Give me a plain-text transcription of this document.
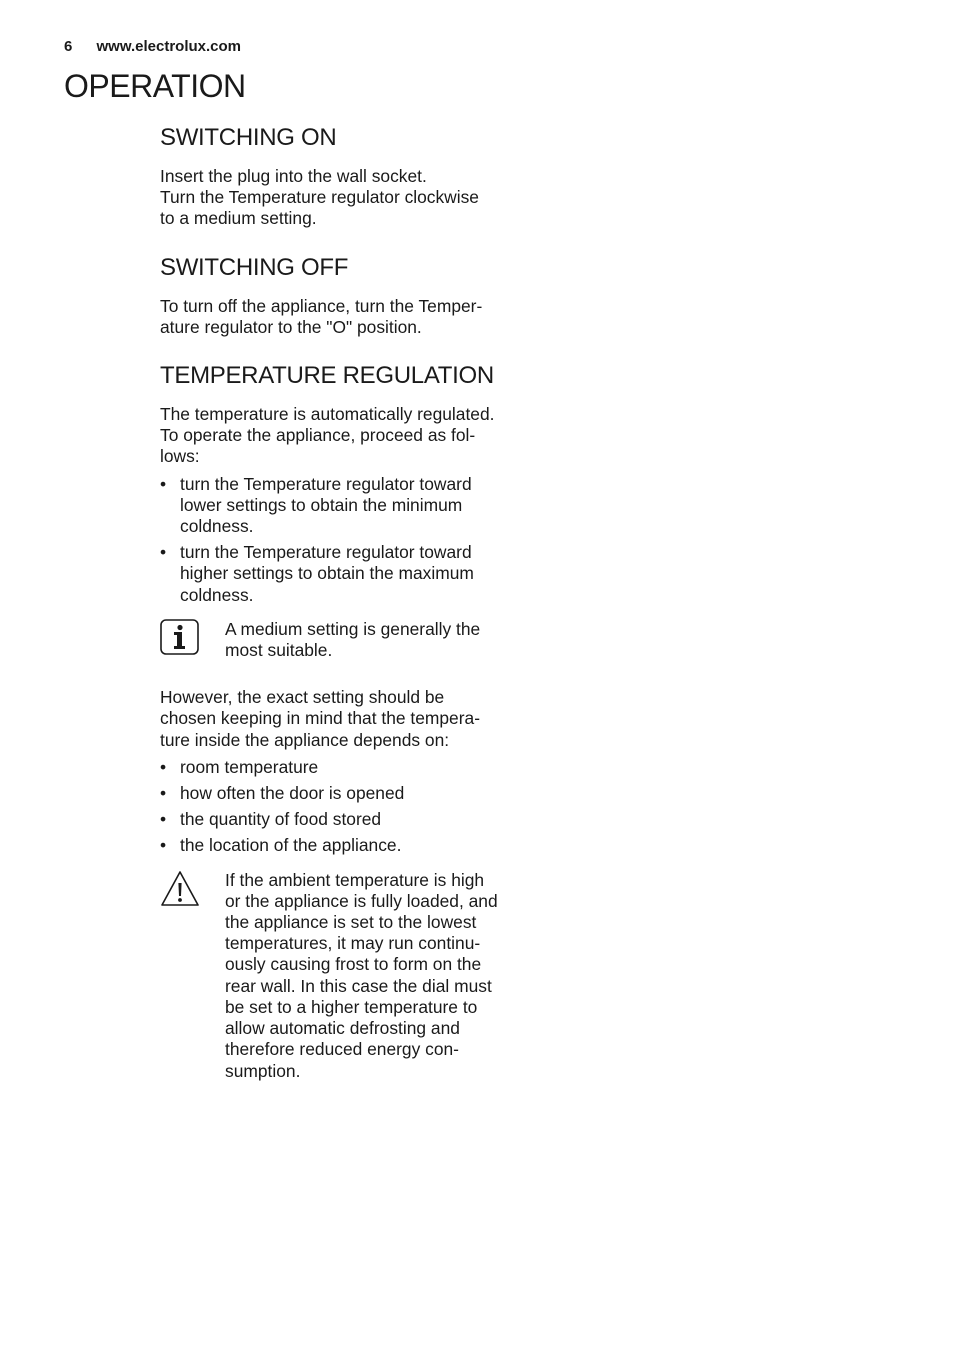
6 www.electrolux.com
OPERATION
SWITCHING ON

Insert the plug into the wall socket.
Turn the Temperature regulator clockwise
to a medium setting.

SWITCHING OFF

To turn off the appliance, turn the Temper-
ature regulator to the "O" position.

TEMPERATURE REGULATION

The temperature is automatically regulated.
To operate the appliance, proceed as fol-
lows:

• turn the Temperature regulator toward
lower settings to obtain the minimum
coldness.
• turn the Temperature regulator toward
higher settings to obtain the maximum
coldness.

A medium setting is generally the
most suitable.

However, the exact setting should be
chosen keeping in mind that the tempera-
ture inside the appliance depends on:

• room temperature
• how often the door is opened
• the quantity of food stored
• the location of the appliance.

If the ambient temperature is high
or the appliance is fully loaded, and
the appliance is set to the lowest
temperatures, it may run continu-
ously causing frost to form on the
rear wall. In this case the dial must
be set to a higher temperature to
allow automatic defrosting and
therefore reduced energy con-
sumption.
